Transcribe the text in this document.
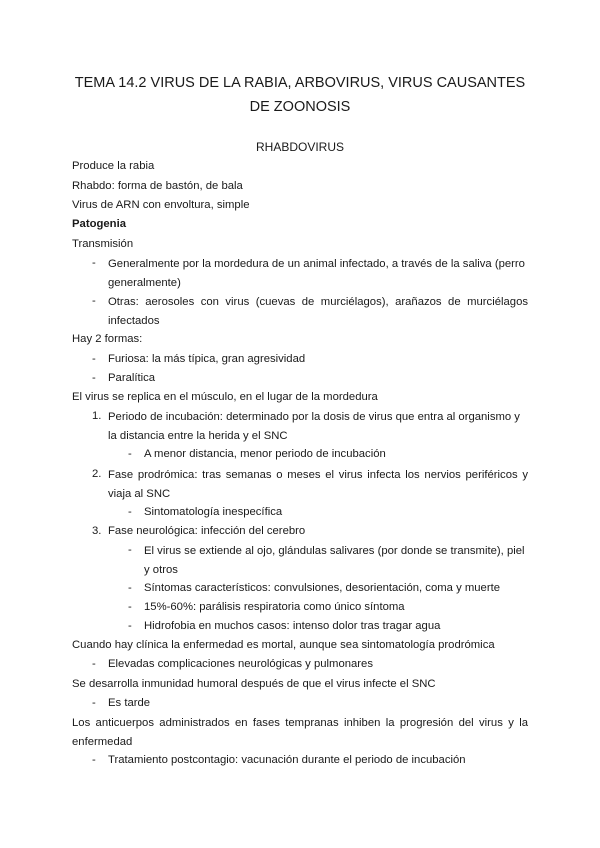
TEMA 14.2 VIRUS DE LA RABIA, ARBOVIRUS, VIRUS CAUSANTES DE ZOONOSIS
RHABDOVIRUS
Produce la rabia
Rhabdo: forma de bastón, de bala
Virus de ARN con envoltura, simple
Patogenia
Transmisión
- Generalmente por la mordedura de un animal infectado, a través de la saliva (perro generalmente)
- Otras: aerosoles con virus (cuevas de murciélagos), arañazos de murciélagos infectados
Hay 2 formas:
- Furiosa: la más típica, gran agresividad
- Paralítica
El virus se replica en el músculo, en el lugar de la mordedura
1. Periodo de incubación: determinado por la dosis de virus que entra al organismo y la distancia entre la herida y el SNC
- A menor distancia, menor periodo de incubación
2. Fase prodrómica: tras semanas o meses el virus infecta los nervios periféricos y viaja al SNC
- Sintomatología inespecífica
3. Fase neurológica: infección del cerebro
- El virus se extiende al ojo, glándulas salivares (por donde se transmite), piel y otros
- Síntomas característicos: convulsiones, desorientación, coma y muerte
- 15%-60%: parálisis respiratoria como único síntoma
- Hidrofobia en muchos casos: intenso dolor tras tragar agua
Cuando hay clínica la enfermedad es mortal, aunque sea sintomatología prodrómica
- Elevadas complicaciones neurológicas y pulmonares
Se desarrolla inmunidad humoral después de que el virus infecte el SNC
- Es tarde
Los anticuerpos administrados en fases tempranas inhiben la progresión del virus y la enfermedad
- Tratamiento postcontagio: vacunación durante el periodo de incubación
